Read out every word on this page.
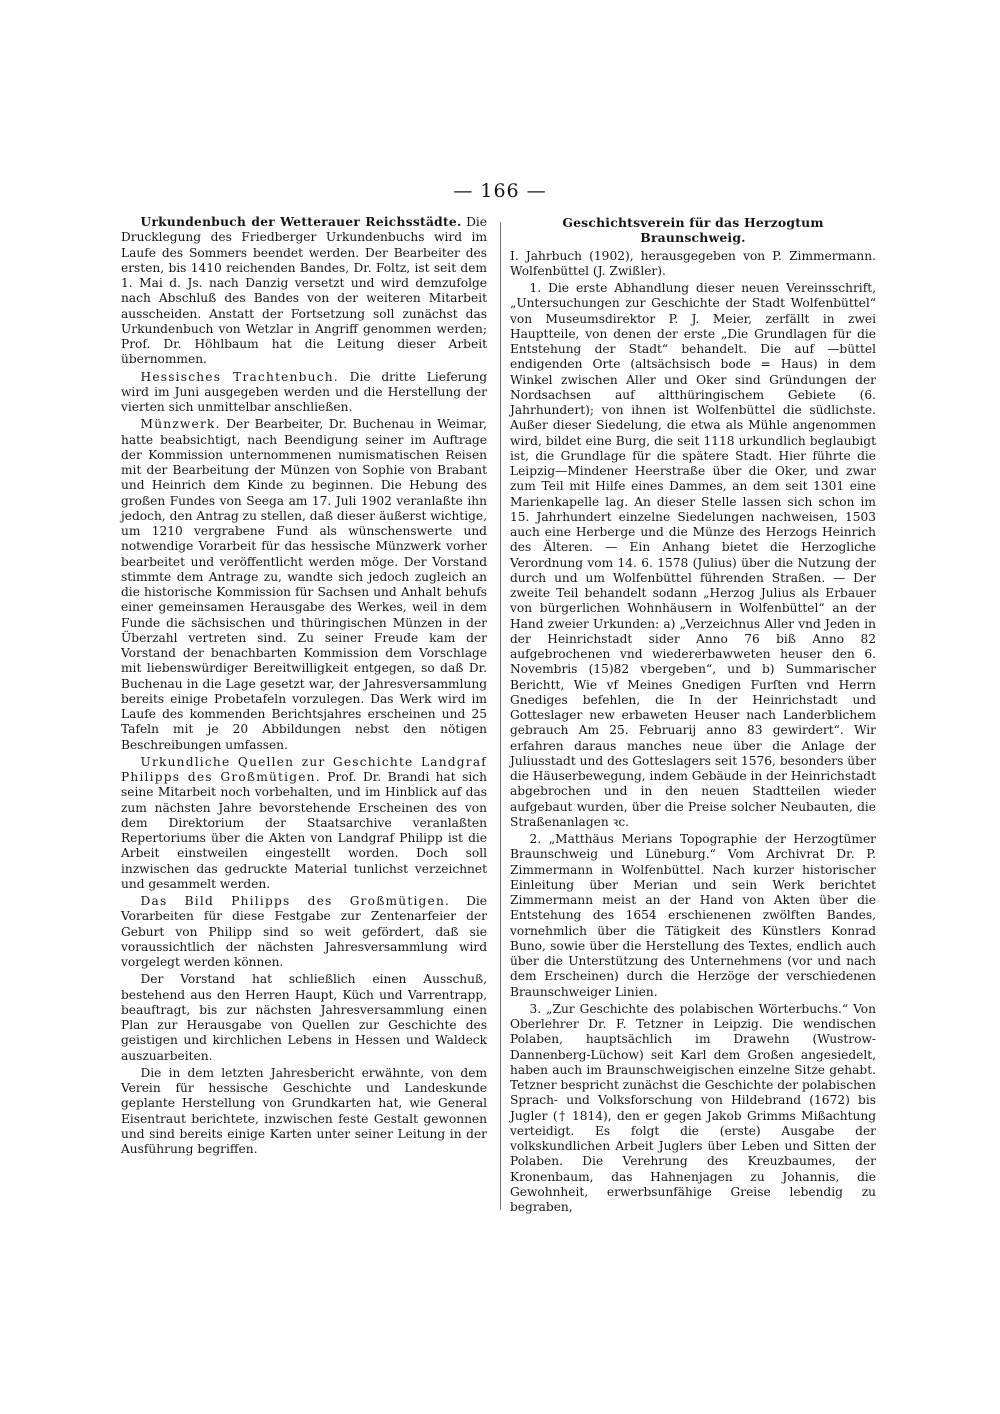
— 166 —

Urkundenbuch der Wetterauer Reichsstädte. Die Drucklegung des Friedberger Urkundenbuchs wird im Laufe des Sommers beendet werden. Der Bearbeiter des ersten, bis 1410 reichenden Bandes, Dr. Foltz, ist seit dem 1. Mai d. Js. nach Danzig versetzt und wird demzufolge nach Abschluß des Bandes von der weiteren Mitarbeit ausscheiden. Anstatt der Fortsetzung soll zunächst das Urkundenbuch von Wetzlar in Angriff genommen werden; Prof. Dr. Höhlbaum hat die Leitung dieser Arbeit übernommen.

Hessisches Trachtenbuch. Die dritte Lieferung wird im Juni ausgegeben werden und die Herstellung der vierten sich unmittelbar anschließen.

Münzwerk. Der Bearbeiter, Dr. Buchenau in Weimar, hatte beabsichtigt, nach Beendigung seiner im Auftrage der Kommission unternommenen numismatischen Reisen mit der Bearbeitung der Münzen von Sophie von Brabant und Heinrich dem Kinde zu beginnen. Die Hebung des großen Fundes von Seega am 17. Juli 1902 veranlaßte ihn jedoch, den Antrag zu stellen, daß dieser äußerst wichtige, um 1210 vergrabene Fund als wünschenswerte und notwendige Vorarbeit für das hessische Münzwerk vorher bearbeitet und veröffentlicht werden möge. Der Vorstand stimmte dem Antrage zu, wandte sich jedoch zugleich an die historische Kommission für Sachsen und Anhalt behufs einer gemeinsamen Herausgabe des Werkes, weil in dem Funde die sächsischen und thüringischen Münzen in der Überzahl vertreten sind. Zu seiner Freude kam der Vorstand der benachbarten Kommission dem Vorschlage mit liebenswürdiger Bereitwilligkeit entgegen, so daß Dr. Buchenau in die Lage gesetzt war, der Jahresversammlung bereits einige Probetafeln vorzulegen. Das Werk wird im Laufe des kommenden Berichtsjahres erscheinen und 25 Tafeln mit je 20 Abbildungen nebst den nötigen Beschreibungen umfassen.

Urkundliche Quellen zur Geschichte Landgraf Philipps des Großmütigen. Prof. Dr. Brandi hat sich seine Mitarbeit noch vorbehalten, und im Hinblick auf das zum nächsten Jahre bevorstehende Erscheinen des von dem Direktorium der Staatsarchive veranlaßten Repertoriums über die Akten von Landgraf Philipp ist die Arbeit einstweilen eingestellt worden. Doch soll inzwischen das gedruckte Material tunlichst verzeichnet und gesammelt werden.

Das Bild Philipps des Großmütigen. Die Vorarbeiten für diese Festgabe zur Zentenarfeier der Geburt von Philipp sind so weit gefördert, daß sie voraussichtlich der nächsten Jahresversammlung wird vorgelegt werden können.

Der Vorstand hat schließlich einen Ausschuß, bestehend aus den Herren Haupt, Küch und Varrentrapp, beauftragt, bis zur nächsten Jahresversammlung einen Plan zur Herausgabe von Quellen zur Geschichte des geistigen und kirchlichen Lebens in Hessen und Waldeck auszuarbeiten.

Die in dem letzten Jahresbericht erwähnte, von dem Verein für hessische Geschichte und Landeskunde geplante Herstellung von Grundkarten hat, wie General Eisentraut berichtete, inzwischen feste Gestalt gewonnen und sind bereits einige Karten unter seiner Leitung in der Ausführung begriffen.

Geschichtsverein für das Herzogtum Braunschweig.

I. Jahrbuch (1902), herausgegeben von P. Zimmermann. Wolfenbüttel (J. Zwißler).

1. Die erste Abhandlung dieser neuen Vereinsschrift, „Untersuchungen zur Geschichte der Stadt Wolfenbüttel“ von Museumsdirektor P. J. Meier, zerfällt in zwei Hauptteile, von denen der erste „Die Grundlagen für die Entstehung der Stadt“ behandelt. Die auf —büttel endigenden Orte (altsächsisch bode = Haus) in dem Winkel zwischen Aller und Oker sind Gründungen der Nordsachsen auf altthüringischem Gebiete (6. Jahrhundert); von ihnen ist Wolfenbüttel die südlichste. Außer dieser Siedelung, die etwa als Mühle angenommen wird, bildet eine Burg, die seit 1118 urkundlich beglaubigt ist, die Grundlage für die spätere Stadt. Hier führte die Leipzig—Mindener Heerstraße über die Oker, und zwar zum Teil mit Hilfe eines Dammes, an dem seit 1301 eine Marienkapelle lag. An dieser Stelle lassen sich schon im 15. Jahrhundert einzelne Siedelungen nachweisen, 1503 auch eine Herberge und die Münze des Herzogs Heinrich des Älteren. — Ein Anhang bietet die Herzogliche Verordnung vom 14. 6. 1578 (Julius) über die Nutzung der durch und um Wolfenbüttel führenden Straßen. — Der zweite Teil behandelt sodann „Herzog Julius als Erbauer von bürgerlichen Wohnhäusern in Wolfenbüttel“ an der Hand zweier Urkunden: a) „Verzeichnus Aller vnd Jeden in der Heinrichstadt sider Anno 76 biß Anno 82 aufgebrochenen vnd wiedererbawweten heuser den 6. Novembris (15)82 vbergeben“, und b) Summarischer Berichtt, Wie vf Meines Gnedigen Furſten vnd Herrn Gnediges befehlen, die In der Heinrichstadt und Gotteslager new erbaweten Heuser nach Landerblichem gebrauch Am 25. Februarij anno 83 gewirdert“. Wir erfahren daraus manches neue über die Anlage der Juliusstadt und des Gotteslagers seit 1576, besonders über die Häuserbewegung, indem Gebäude in der Heinrichstadt abgebrochen und in den neuen Stadtteilen wieder aufgebaut wurden, über die Preise solcher Neubauten, die Straßenanlagen ꝛc.

2. „Matthäus Merians Topographie der Herzogtümer Braunschweig und Lüneburg.“ Vom Archivrat Dr. P. Zimmermann in Wolfenbüttel. Nach kurzer historischer Einleitung über Merian und sein Werk berichtet Zimmermann meist an der Hand von Akten über die Entstehung des 1654 erschienenen zwölften Bandes, vornehmlich über die Tätigkeit des Künstlers Konrad Buno, sowie über die Herstellung des Textes, endlich auch über die Unterstützung des Unternehmens (vor und nach dem Erscheinen) durch die Herzöge der verschiedenen Braunschweiger Linien.

3. „Zur Geschichte des polabischen Wörterbuchs.“ Von Oberlehrer Dr. F. Tetzner in Leipzig. Die wendischen Polaben, hauptsächlich im Drawehn (Wustrow-Dannenberg-Lüchow) seit Karl dem Großen angesiedelt, haben auch im Braunschweigischen einzelne Sitze gehabt. Tetzner bespricht zunächst die Geschichte der polabischen Sprach- und Volksforschung von Hildebrand (1672) bis Jugler († 1814), den er gegen Jakob Grimms Mißachtung verteidigt. Es folgt die (erste) Ausgabe der volkskundlichen Arbeit Juglers über Leben und Sitten der Polaben. Die Verehrung des Kreuzbaumes, der Kronenbaum, das Hahnenjagen zu Johannis, die Gewohnheit, erwerbsunfähige Greise lebendig zu begraben,
